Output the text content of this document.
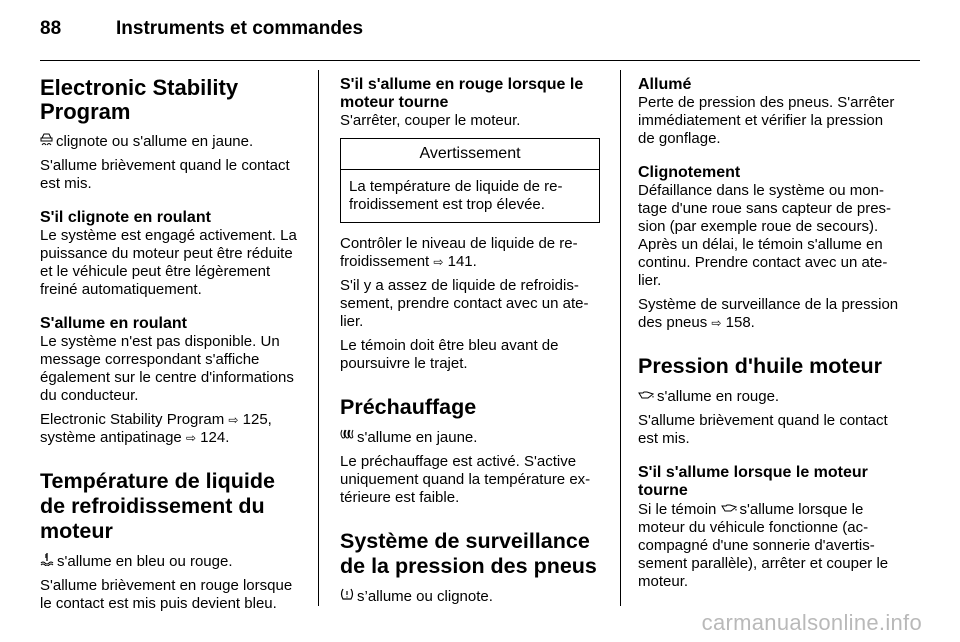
88	Instruments et commandes
Electronic Stability Program

clignote ou s'allume en jaune.

S'allume brièvement quand le contact est mis.

S'il clignote en roulant

Le système est engagé activement. La puissance du moteur peut être réduite et le véhicule peut être légèrement freiné automatiquement.

S'allume en roulant

Le système n'est pas disponible. Un message correspondant s'affiche également sur le centre d'informations du conducteur.

Electronic Stability Program ⇨ 125, système antipatinage ⇨ 124.

Température de liquide de refroidissement du moteur

s'allume en bleu ou rouge.

S'allume brièvement en rouge lorsque le contact est mis puis devient bleu.

S'il s'allume en rouge lorsque le moteur tourne

S'arrêter, couper le moteur.

Avertissement
La température de liquide de refroidissement est trop élevée.

Contrôler le niveau de liquide de refroidissement ⇨ 141.

S'il y a assez de liquide de refroidissement, prendre contact avec un atelier.

Le témoin doit être bleu avant de poursuivre le trajet.

Préchauffage

s'allume en jaune.

Le préchauffage est activé. S'active uniquement quand la température extérieure est faible.

Système de surveillance de la pression des pneus

s’allume ou clignote.

Allumé

Perte de pression des pneus. S'arrêter immédiatement et vérifier la pression de gonflage.

Clignotement

Défaillance dans le système ou montage d'une roue sans capteur de pression (par exemple roue de secours). Après un délai, le témoin s'allume en continu. Prendre contact avec un atelier.

Système de surveillance de la pression des pneus ⇨ 158.

Pression d'huile moteur

s'allume en rouge.

S'allume brièvement quand le contact est mis.

S'il s'allume lorsque le moteur tourne

Si le témoin s'allume lorsque le moteur du véhicule fonctionne (accompagné d'une sonnerie d'avertissement parallèle), arrêter et couper le moteur.

carmanualsonline.info
